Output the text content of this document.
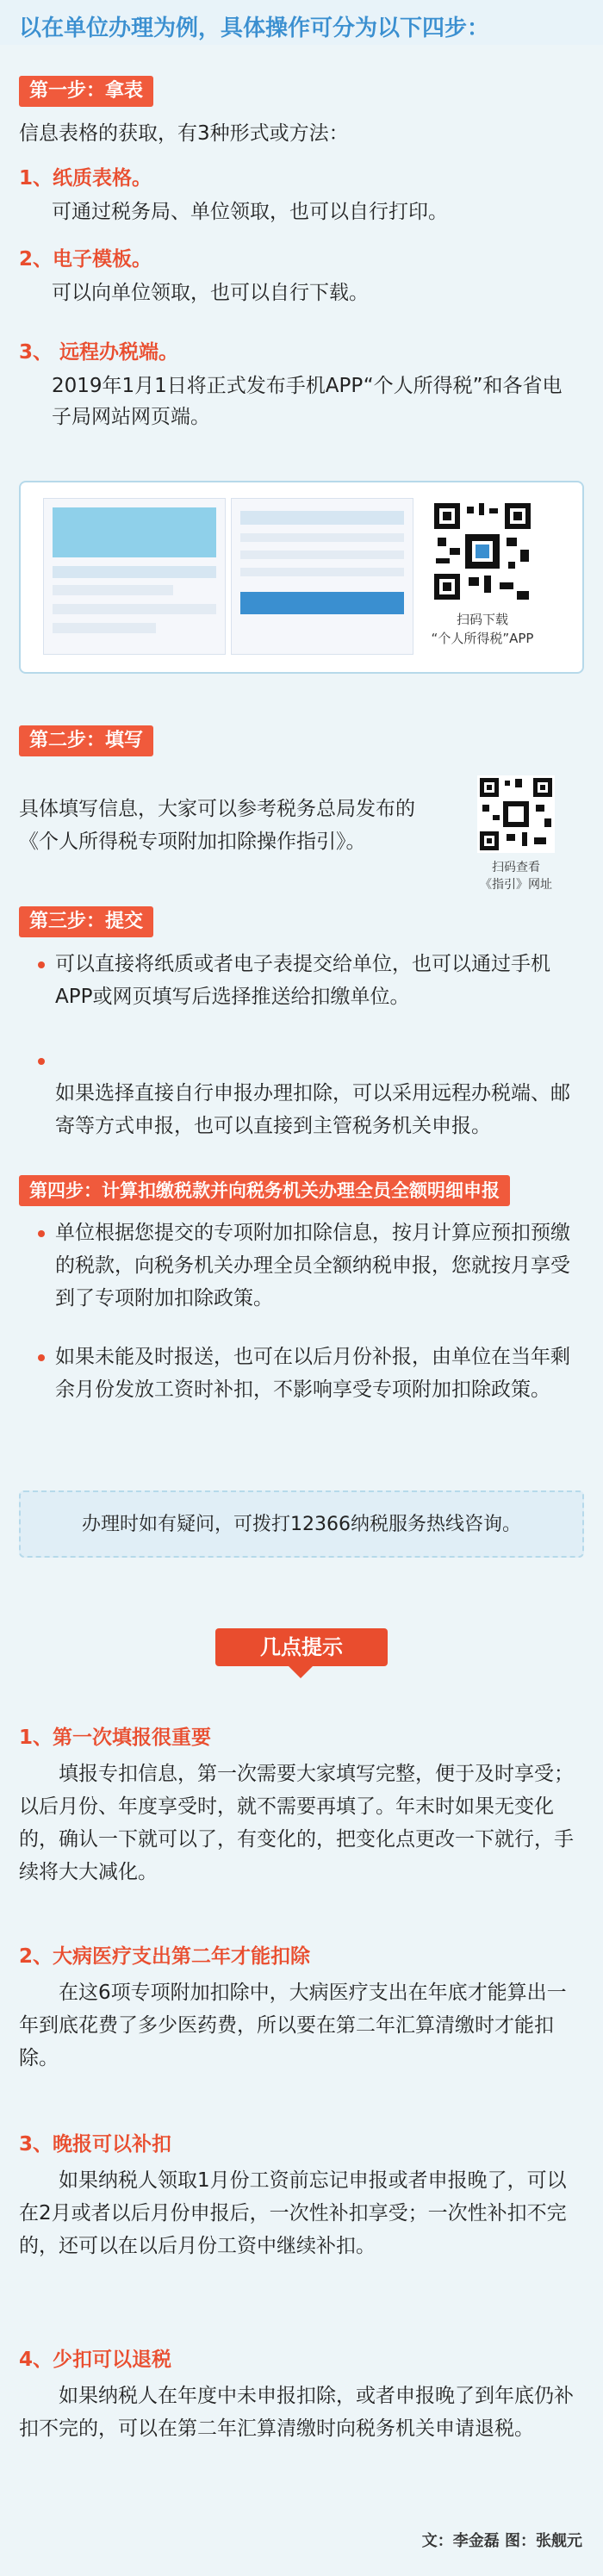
以在单位办理为例，具体操作可分为以下四步：
第一步：拿表
信息表格的获取，有3种形式或方法：
1、纸质表格。
可通过税务局、单位领取，也可以自行打印。
2、电子模板。
可以向单位领取，也可以自行下载。
3、 远程办税端。
2019年1月1日将正式发布手机APP“个人所得税”和各省电子局网站网页端。
扫码下载
“个人所得税”APP
第二步：填写
具体填写信息，大家可以参考税务总局发布的《个人所得税专项附加扣除操作指引》。
扫码查看
《指引》网址
第三步：提交
可以直接将纸质或者电子表提交给单位，也可以通过手机APP或网页填写后选择推送给扣缴单位。
如果选择直接自行申报办理扣除，可以采用远程办税端、邮寄等方式申报，也可以直接到主管税务机关申报。
第四步：计算扣缴税款并向税务机关办理全员全额明细申报
单位根据您提交的专项附加扣除信息，按月计算应预扣预缴的税款，向税务机关办理全员全额纳税申报，您就按月享受到了专项附加扣除政策。
如果未能及时报送，也可在以后月份补报，由单位在当年剩余月份发放工资时补扣，不影响享受专项附加扣除政策。
办理时如有疑问，可拨打12366纳税服务热线咨询。
几点提示
1、第一次填报很重要
填报专扣信息，第一次需要大家填写完整，便于及时享受；以后月份、年度享受时，就不需要再填了。年末时如果无变化的，确认一下就可以了，有变化的，把变化点更改一下就行，手续将大大减化。
2、大病医疗支出第二年才能扣除
在这6项专项附加扣除中，大病医疗支出在年底才能算出一年到底花费了多少医药费，所以要在第二年汇算清缴时才能扣除。
3、晚报可以补扣
如果纳税人领取1月份工资前忘记申报或者申报晚了，可以在2月或者以后月份申报后，一次性补扣享受；一次性补扣不完的，还可以在以后月份工资中继续补扣。
4、少扣可以退税
如果纳税人在年度中未申报扣除，或者申报晚了到年底仍补扣不完的，可以在第二年汇算清缴时向税务机关申请退税。
文：李金磊 图：张舰元
